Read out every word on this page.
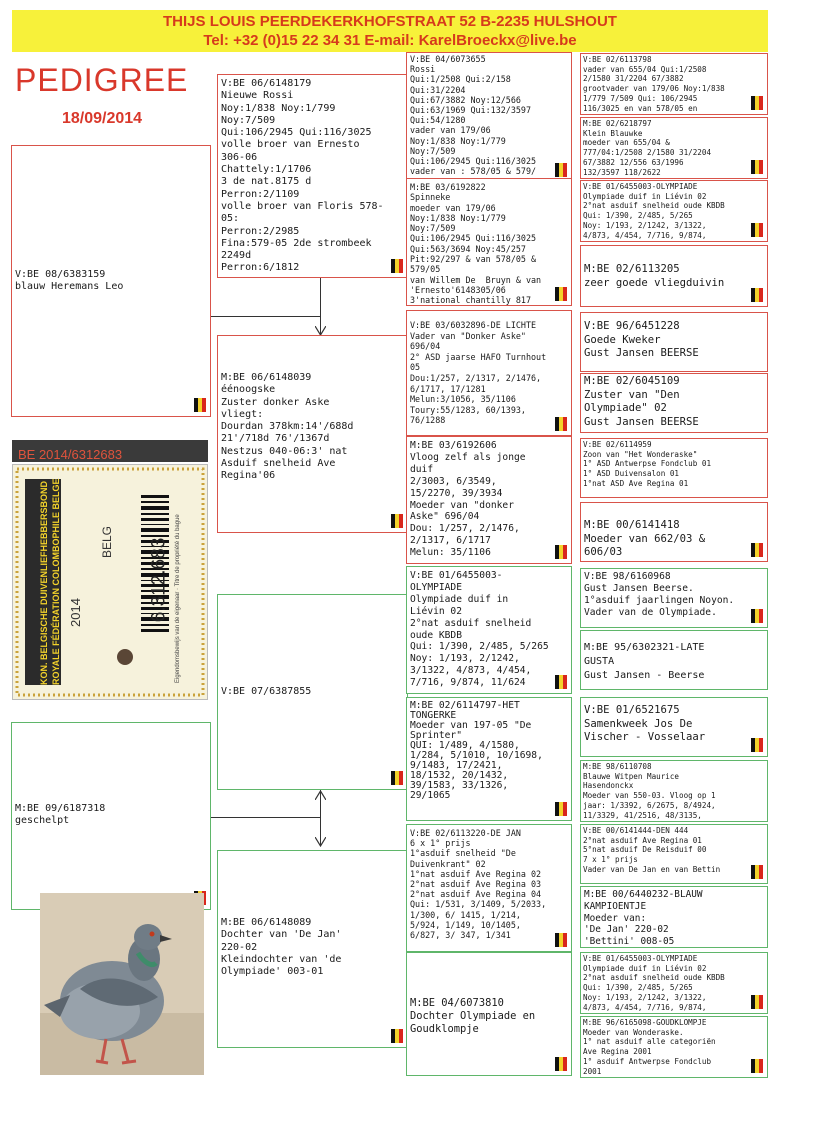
THIJS LOUIS PEERDEKERKHOFSTRAAT 52 B-2235 HULSHOUT
Tel: +32 (0)15 22 34 31 E-mail: KarelBroeckx@live.be
PEDIGREE
18/09/2014
V:BE 08/6383159
blauw Heremans Leo
M:BE 09/6187318
geschelpt
BE 2014/6312683
KON. BELGISCHE DUIVENLIEFHEBBERSBOND ROYALE FÉDÉRATION COLOMBOPHILE BELGE 2014
BELG 6.312.683 Eigendomsbewijs van de eigenaar · Titre de propriété du bague
V:BE 06/6148179
Nieuwe Rossi
Noy:1/838 Noy:1/799
Noy:7/509
Qui:106/2945 Qui:116/3025
volle broer van Ernesto
306-06
Chattely:1/1706
3 de nat.8175 d
Perron:2/1109
volle broer van Floris 578-
05:
Perron:2/2985
Fina:579-05 2de strombeek
2249d
Perron:6/1812
M:BE 06/6148039
éénoogske
Zuster donker Aske
vliegt:
Dourdan 378km:14'/688d
21'/718d 76'/1367d
Nestzus 040-06:3' nat
Asduif snelheid Ave
Regina'06
V:BE 07/6387855
M:BE 06/6148089
Dochter van 'De Jan'
220-02
Kleindochter van 'de
Olympiade' 003-01
V:BE 04/6073655
Rossi
Qui:1/2508 Qui:2/158
Qui:31/2204
Qui:67/3882 Noy:12/566
Qui:63/1969 Qui:132/3597
Qui:54/1280
vader van 179/06
Noy:1/838 Noy:1/779
Noy:7/509
Qui:106/2945 Qui:116/3025
vader van : 578/05 & 579/
M:BE 03/6192822
Spinneke
moeder van 179/06
Noy:1/838 Noy:1/779
Noy:7/509
Qui:106/2945 Qui:116/3025
Qui:563/3694 Noy:45/257
Pit:92/297 & van 578/05 &
579/05
van Willem De  Bruyn & van
'Ernesto'6148305/06
3'national chantilly 817
V:BE 03/6032896-DE LICHTE
Vader van "Donker Aske"
696/04
2° ASD jaarse HAFO Turnhout
05
Dou:1/257, 2/1317, 2/1476,
6/1717, 17/1281
Melun:3/1056, 35/1106
Toury:55/1283, 60/1393,
76/1288
M:BE 03/6192606
Vloog zelf als jonge
duif
2/3003, 6/3549,
15/2270, 39/3934
Moeder van "donker
Aske" 696/04
Dou: 1/257, 2/1476,
2/1317, 6/1717
Melun: 35/1106
V:BE 01/6455003-
OLYMPIADE
Olympiade duif in
Liévin 02
2°nat asduif snelheid
oude KBDB
Qui: 1/390, 2/485, 5/265
Noy: 1/193, 2/1242,
3/1322, 4/873, 4/454,
7/716, 9/874, 11/624
M:BE 02/6114797-HET
TONGERKE
Moeder van 197-05 "De
Sprinter"
QUI: 1/489, 4/1580,
1/284, 5/1010, 10/1698,
9/1483, 17/2421,
18/1532, 20/1432,
39/1583, 33/1326,
29/1065
V:BE 02/6113220-DE JAN
6 x 1° prijs
1°asduif snelheid "De
Duivenkrant" 02
1°nat asduif Ave Regina 02
2°nat asduif Ave Regina 03
2°nat asduif Ave Regina 04
Qui: 1/531, 3/1409, 5/2033,
1/300, 6/ 1415, 1/214,
5/924, 1/149, 10/1405,
6/827, 3/ 347, 1/341
M:BE 04/6073810
Dochter Olympiade en
Goudklompje
V:BE 02/6113798
vader van 655/04 Qui:1/2508
2/1580 31/2204 67/3882
grootvader van 179/06 Noy:1/838
1/779 7/509 Qui: 106/2945
116/3025 en van 578/05 en
M:BE 02/6218797
Klein Blauwke
moeder van 655/04 &
777/04:1/2508 2/1580 31/2204
67/3882 12/556 63/1996
132/3597 118/2622
V:BE 01/6455003-OLYMPIADE
Olympiade duif in Liévin 02
2°nat asduif snelheid oude KBDB
Qui: 1/390, 2/485, 5/265
Noy: 1/193, 2/1242, 3/1322,
4/873, 4/454, 7/716, 9/874,
M:BE 02/6113205
zeer goede vliegduivin
V:BE 96/6451228
Goede Kweker
Gust Jansen BEERSE
M:BE 02/6045109
Zuster van "Den
Olympiade" 02
Gust Jansen BEERSE
V:BE 02/6114959
Zoon van "Het Wonderaske"
1° ASD Antwerpse Fondclub 01
1° ASD Duivensalon 01
1°nat ASD Ave Regina 01
M:BE 00/6141418
Moeder van 662/03 &
606/03
V:BE 98/6160968
Gust Jansen Beerse.
1°asduif jaarlingen Noyon.
Vader van de Olympiade.
M:BE 95/6302321-LATE
GUSTA
Gust Jansen - Beerse
V:BE 01/6521675
Samenkweek Jos De
Vischer - Vosselaar
M:BE 98/6110708
Blauwe Witpen Maurice
Hasendonckx
Moeder van 550-03. Vloog op 1
jaar: 1/3392, 6/2675, 8/4924,
11/3329, 41/2516, 48/3135,
V:BE 00/6141444-DEN 444
2°nat asduif Ave Regina 01
5°nat asduif De Reisduif 00
7 x 1° prijs
Vader van De Jan en van Bettin
M:BE 00/6440232-BLAUW
KAMPIOENTJE
Moeder van:
'De Jan' 220-02
'Bettini' 008-05
V:BE 01/6455003-OLYMPIADE
Olympiade duif in Liévin 02
2°nat asduif snelheid oude KBDB
Qui: 1/390, 2/485, 5/265
Noy: 1/193, 2/1242, 3/1322,
4/873, 4/454, 7/716, 9/874,
M:BE 96/6165098-GOUDKLOMPJE
Moeder van Wonderaske.
1° nat asduif alle categoriën
Ave Regina 2001
1° asduif Antwerpse Fondclub
2001
